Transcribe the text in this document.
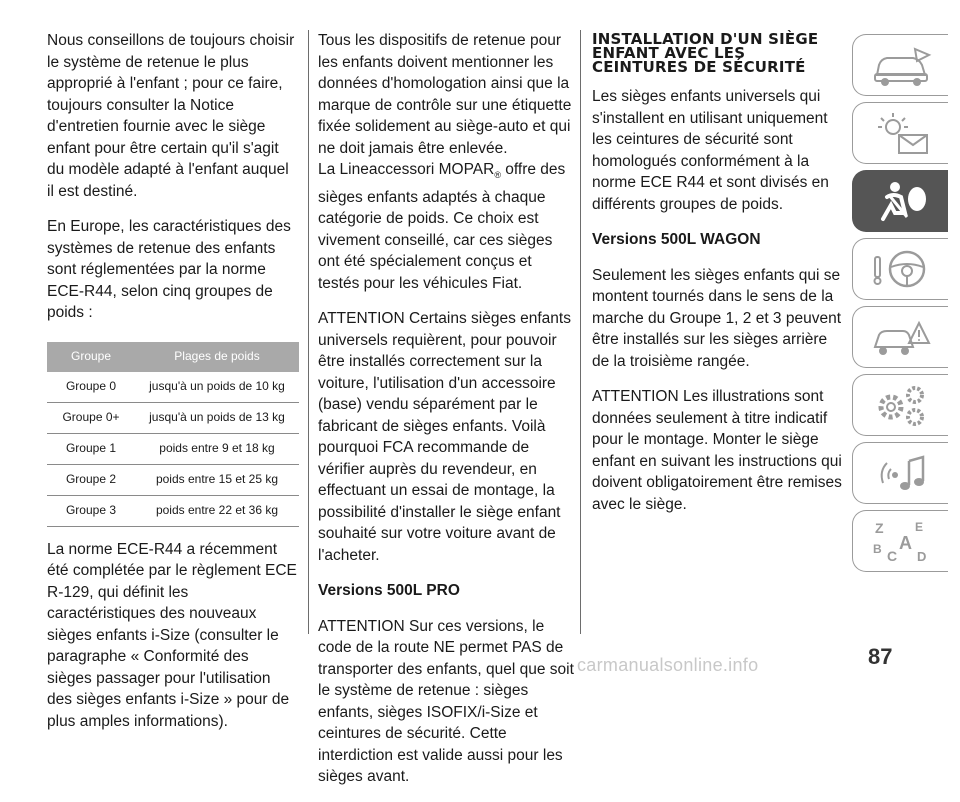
Nous conseillons de toujours choisir le système de retenue le plus approprié à l'enfant ; pour ce faire, toujours consulter la Notice d'entretien fournie avec le siège enfant pour être certain qu'il s'agit du modèle adapté à l'enfant auquel il est destiné.

En Europe, les caractéristiques des systèmes de retenue des enfants sont réglementées par la norme ECE-R44, selon cinq groupes de poids :

Groupe	Plages de poids
Groupe 0	jusqu'à un poids de 10 kg
Groupe 0+	jusqu'à un poids de 13 kg
Groupe 1	poids entre 9 et 18 kg
Groupe 2	poids entre 15 et 25 kg
Groupe 3	poids entre 22 et 36 kg

La norme ECE-R44 a récemment été complétée par le règlement ECE R-129, qui définit les caractéristiques des nouveaux sièges enfants i-Size (consulter le paragraphe « Conformité des sièges passager pour l'utilisation des sièges enfants i-Size » pour de plus amples informations).

Tous les dispositifs de retenue pour les enfants doivent mentionner les données d'homologation ainsi que la marque de contrôle sur une étiquette fixée solidement au siège-auto et qui ne doit jamais être enlevée.

La Lineaccessori $MOPAR_®$ offre des sièges enfants adaptés à chaque catégorie de poids. Ce choix est vivement conseillé, car ces sièges ont été spécialement conçus et testés pour les véhicules Fiat.

ATTENTION Certains sièges enfants universels requièrent, pour pouvoir être installés correctement sur la voiture, l'utilisation d'un accessoire (base) vendu séparément par le fabricant de sièges enfants. Voilà pourquoi FCA recommande de vérifier auprès du revendeur, en effectuant un essai de montage, la possibilité d'installer le siège enfant souhaité sur votre voiture avant de l'acheter.

Versions 500L PRO

ATTENTION Sur ces versions, le code de la route NE permet PAS de transporter des enfants, quel que soit le système de retenue : sièges enfants, sièges ISOFIX/i-Size et ceintures de sécurité. Cette interdiction est valide aussi pour les sièges avant.

INSTALLATION D'UN SIÈGE ENFANT AVEC LES CEINTURES DE SÉCURITÉ

Les sièges enfants universels qui s'installent en utilisant uniquement les ceintures de sécurité sont homologués conformément à la norme ECE R44 et sont divisés en différents groupes de poids.

Versions 500L WAGON

Seulement les sièges enfants qui se montent tournés dans le sens de la marche du Groupe 1, 2 et 3 peuvent être installés sur les sièges arrière de la troisième rangée.

ATTENTION Les illustrations sont données seulement à titre indicatif pour le montage. Monter le siège enfant en suivant les instructions qui doivent obligatoirement être remises avec le siège.

Z	E
A
B C D
87
carmanualsonline.info
